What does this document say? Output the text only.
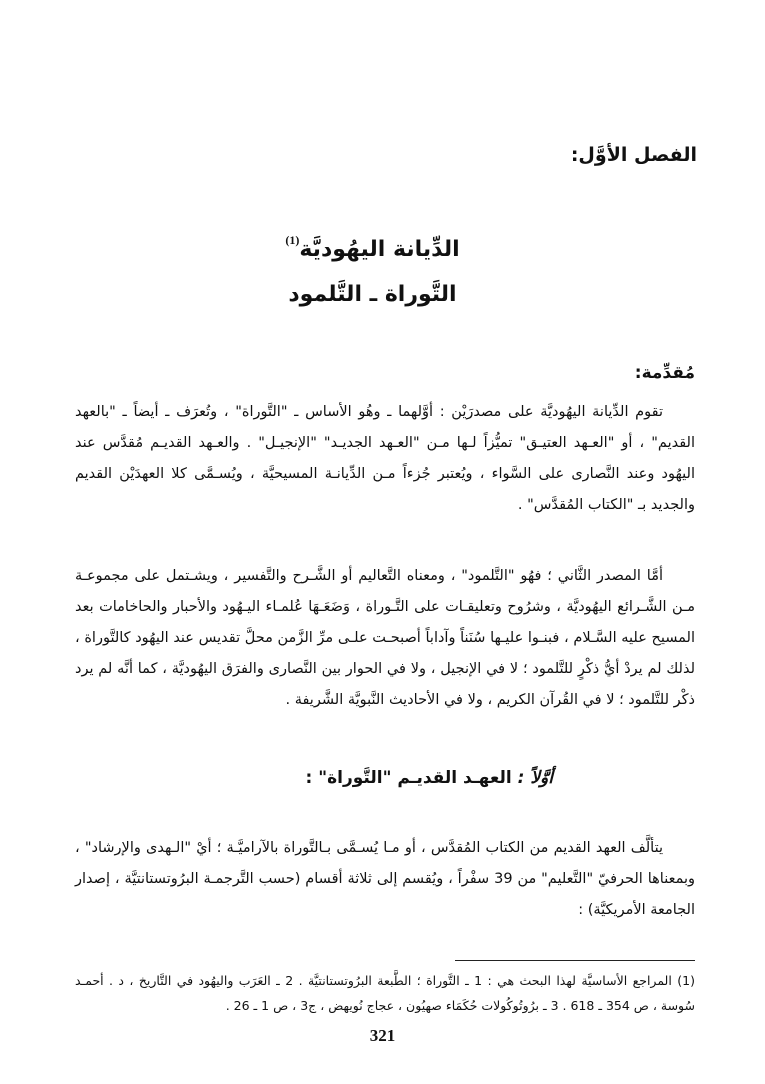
الفصل الأوَّل:
الدِّيانة اليهُوديَّة$^{(1)}$
التَّوراة ـ التَّلمود
مُقدِّمة:

تقوم الدِّيانة اليهُوديَّة على مصدرَيْن : أوَّلهما ـ وهُو الأساس ـ "التَّوراة" ، وتُعرَف ـ أيضاً ـ "بالعهد القديم" ، أو "العـهد العتيـق" تميُّزاً لـها مـن "العـهد الجديـد" "الإنجيـل" . والعـهد القديـم مُقدَّس عند اليهُود وعند النَّصارى على السَّواء ، ويُعتبر جُزءاً مـن الدِّيانـة المسيحيَّة ، ويُسـمَّى كلا العهدَيْن القديم والجديد بـ "الكتاب المُقدَّس" .

أمَّا المصدر الثَّاني ؛ فهُو "التَّلمود" ، ومعناه التَّعاليم أو الشَّـرح والتَّفسير ، ويشـتمل على مجموعـة مـن الشَّـرائع اليهُوديَّة ، وشرُوح وتعليقـات على التَّـوراة ، وَضَعَـهَا عُلمـاء اليـهُود والأحبار والحاخامات بعد المسيح عليه السَّـلام ، فبنـوا عليـها سُنَناً وآداباً أصبحـت علـى مرِّ الزَّمن محلَّ تقديس عند اليهُود كالتَّوراة ، لذلك لم يردْ أيُّ ذكْرٍ للتَّلمود ؛ لا في الإنجيل ، ولا في الحوار بين النَّصارى والفرَق اليهُوديَّة ، كما أنَّه لم يرد ذكْر للتَّلمود ؛ لا في القُرآن الكريم ، ولا في الأحاديث النَّبويَّة الشَّريفة .

أوَّلاً : العهـد القديـم "التَّوراة" :

يتألَّف العهد القديم من الكتاب المُقدَّس ، أو مـا يُسـمَّى بـالتَّوراة بالآراميَّـة ؛ أيْ "الـهدى والإرشاد" ، وبمعناها الحرفيّ "التَّعليم" من 39 سفْراً ، ويُقسم إلى ثلاثة أقسام (حسب التَّرجمـة البرُوتستانتيَّة ، إصدار الجامعة الأمريكيَّة) :

(1) المراجع الأساسيَّة لهذا البحث هي : 1 ـ التَّوراة ؛ الطَّبعة البرُوتستانتيَّة . 2 ـ العَرَب واليهُود في التَّاريخ ، د . أحمـد سُوسة ، ص 354 ـ 618 . 3 ـ برُوتُوكُولات حُكَمَاء صهيُون ، عجاج نُويهض ، ج3 ، ص 1 ـ 26 .
321
